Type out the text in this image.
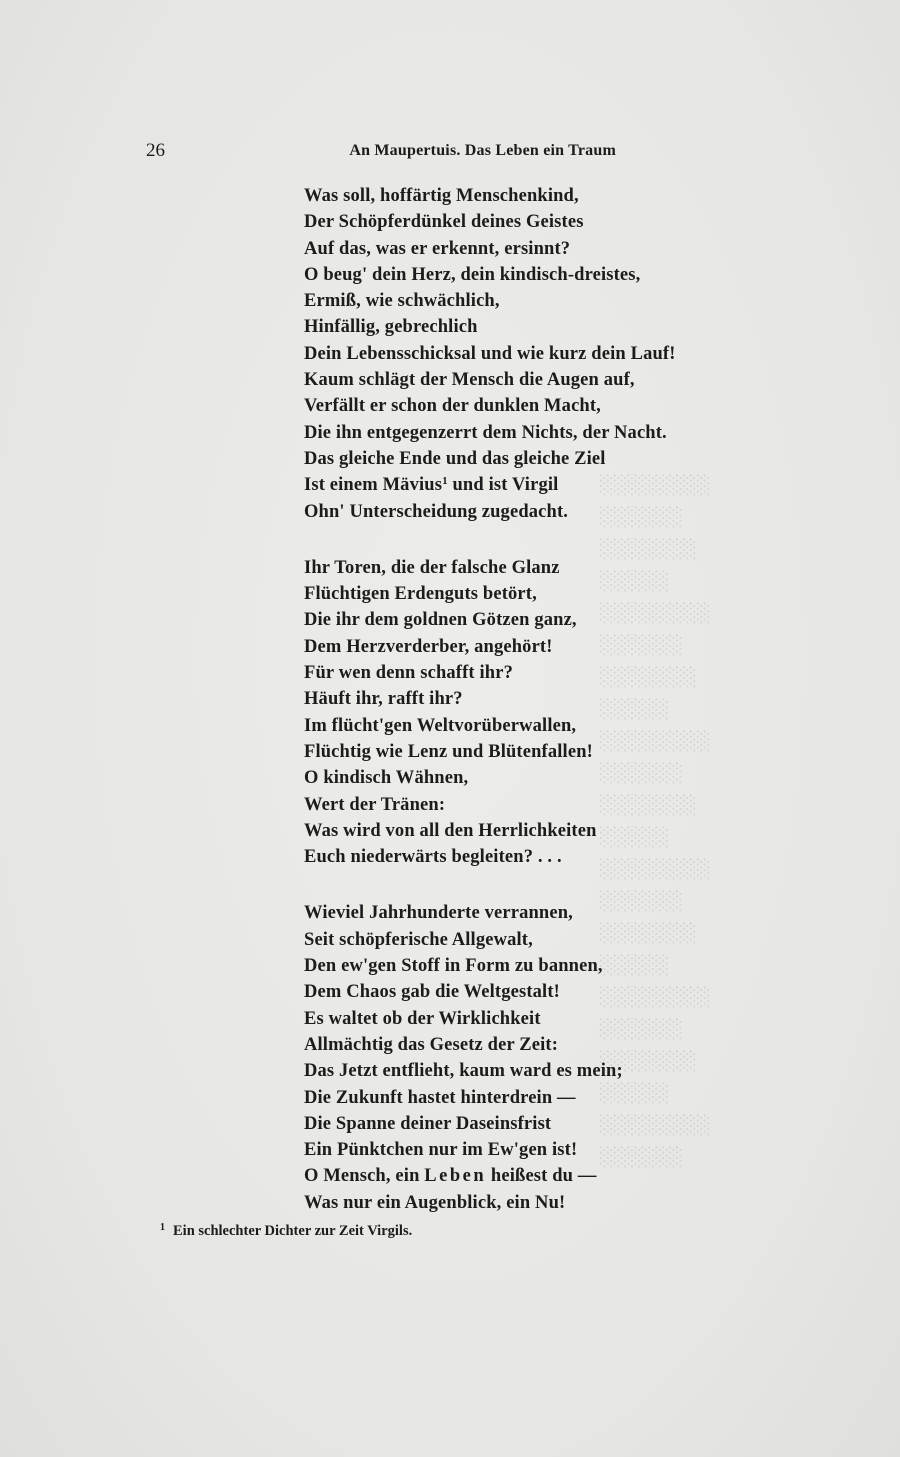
░░░░░░░░
░░░░░░
░░░░░░░
░░░░░
░░░░░░░░
░░░░░░
░░░░░░░
░░░░░
░░░░░░░░
░░░░░░
░░░░░░░
░░░░░
░░░░░░░░
░░░░░░
░░░░░░░
░░░░░
░░░░░░░░
░░░░░░
░░░░░░░
░░░░░
░░░░░░░░
░░░░░░
26	An Maupertuis. Das Leben ein Traum
Was soll, hoffärtig Menschenkind,
Der Schöpferdünkel deines Geistes
Auf das, was er erkennt, ersinnt?
O beug' dein Herz, dein kindisch-dreistes,
Ermiß, wie schwächlich,
Hinfällig, gebrechlich
Dein Lebensschicksal und wie kurz dein Lauf!
Kaum schlägt der Mensch die Augen auf,
Verfällt er schon der dunklen Macht,
Die ihn entgegenzerrt dem Nichts, der Nacht.
Das gleiche Ende und das gleiche Ziel
Ist einem Mävius$^1$ und ist Virgil
Ohn' Unterscheidung zugedacht.
Ihr Toren, die der falsche Glanz
Flüchtigen Erdenguts betört,
Die ihr dem goldnen Götzen ganz,
Dem Herzverderber, angehört!
Für wen denn schafft ihr?
Häuft ihr, rafft ihr?
Im flücht'gen Weltvorüberwallen,
Flüchtig wie Lenz und Blütenfallen!
O kindisch Wähnen,
Wert der Tränen:
Was wird von all den Herrlichkeiten
Euch niederwärts begleiten? . . .
Wieviel Jahrhunderte verrannen,
Seit schöpferische Allgewalt,
Den ew'gen Stoff in Form zu bannen,
Dem Chaos gab die Weltgestalt!
Es waltet ob der Wirklichkeit
Allmächtig das Gesetz der Zeit:
Das Jetzt entflieht, kaum ward es mein;
Die Zukunft hastet hinterdrein —
Die Spanne deiner Daseinsfrist
Ein Pünktchen nur im Ew'gen ist!
O Mensch, ein Leben heißest du —
Was nur ein Augenblick, ein Nu!
$^1$ Ein schlechter Dichter zur Zeit Virgils.
